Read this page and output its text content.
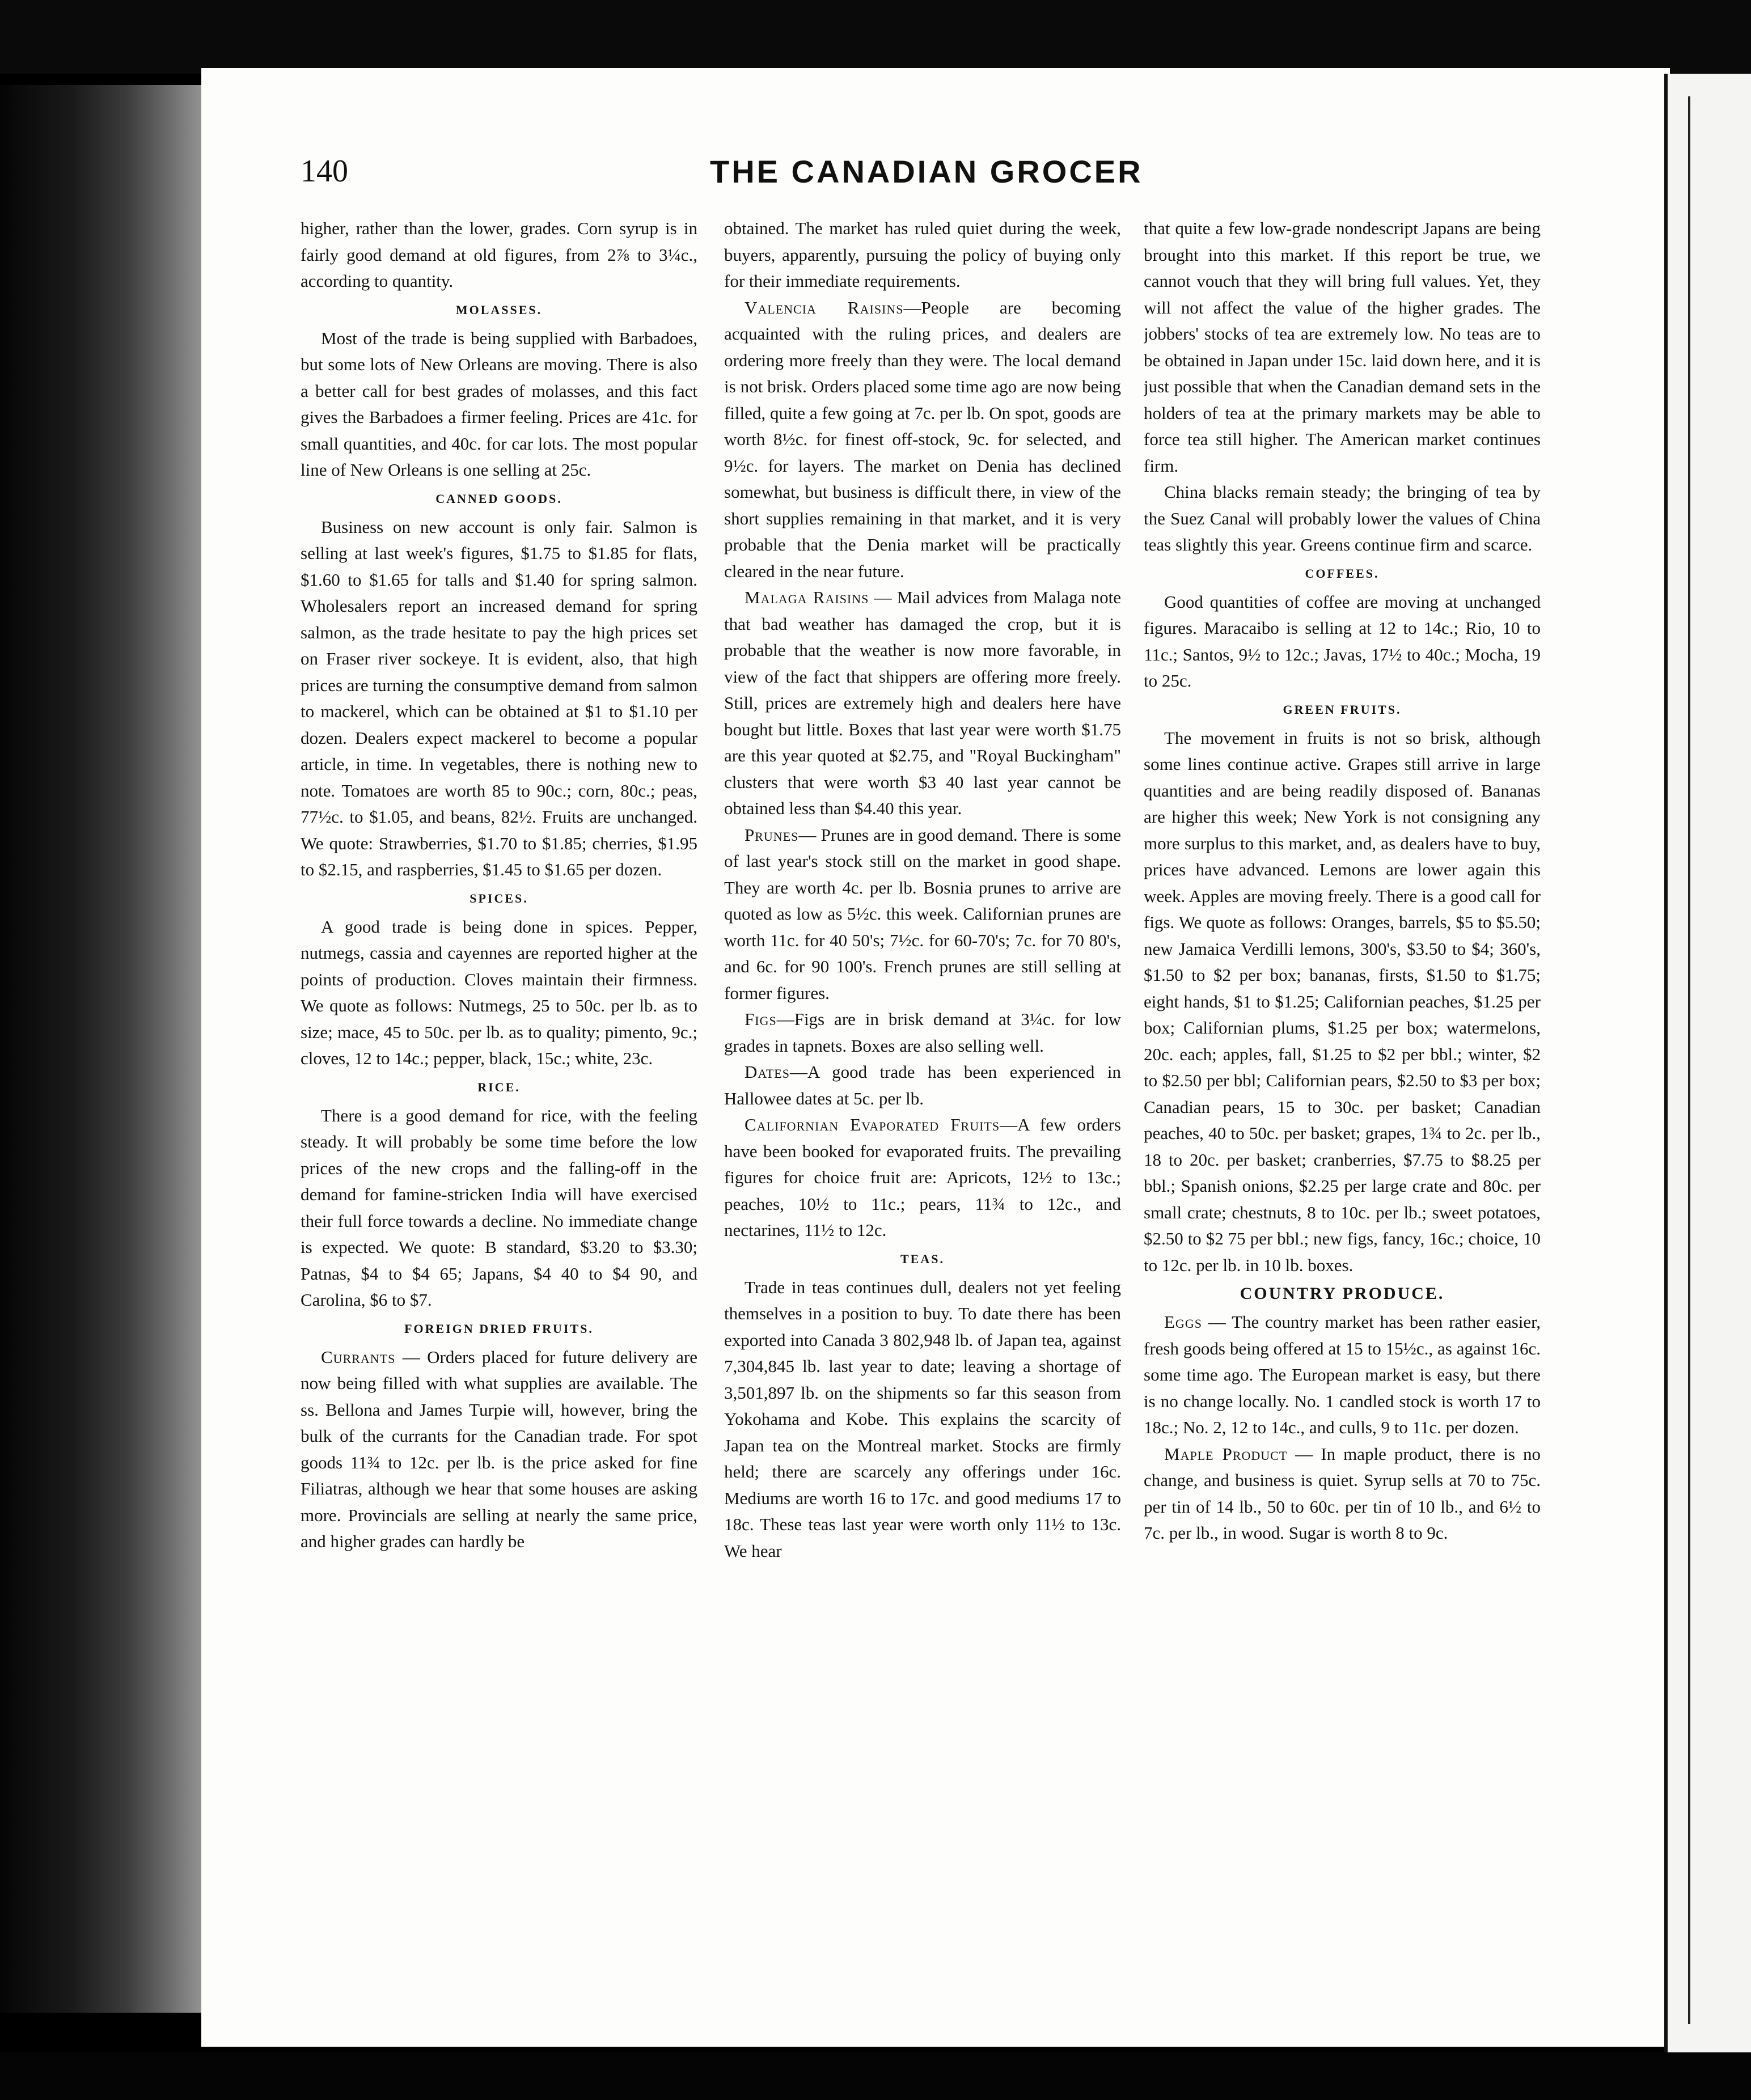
140	THE CANADIAN GROCER

higher, rather than the lower, grades. Corn syrup is in fairly good demand at old figures, from 2⅞ to 3¼c., according to quantity.

MOLASSES.

Most of the trade is being supplied with Barbadoes, but some lots of New Orleans are moving. There is also a better call for best grades of molasses, and this fact gives the Barbadoes a firmer feeling. Prices are 41c. for small quantities, and 40c. for car lots. The most popular line of New Orleans is one selling at 25c.

CANNED GOODS.

Business on new account is only fair. Salmon is selling at last week's figures, $1.75 to $1.85 for flats, $1.60 to $1.65 for talls and $1.40 for spring salmon. Wholesalers report an increased demand for spring salmon, as the trade hesitate to pay the high prices set on Fraser river sockeye. It is evident, also, that high prices are turning the consumptive demand from salmon to mackerel, which can be obtained at $1 to $1.10 per dozen. Dealers expect mackerel to become a popular article, in time. In vegetables, there is nothing new to note. Tomatoes are worth 85 to 90c.; corn, 80c.; peas, 77½c. to $1.05, and beans, 82½. Fruits are unchanged. We quote: Strawberries, $1.70 to $1.85; cherries, $1.95 to $2.15, and raspberries, $1.45 to $1.65 per dozen.

SPICES.

A good trade is being done in spices. Pepper, nutmegs, cassia and cayennes are reported higher at the points of production. Cloves maintain their firmness. We quote as follows: Nutmegs, 25 to 50c. per lb. as to size; mace, 45 to 50c. per lb. as to quality; pimento, 9c.; cloves, 12 to 14c.; pepper, black, 15c.; white, 23c.

RICE.

There is a good demand for rice, with the feeling steady. It will probably be some time before the low prices of the new crops and the falling-off in the demand for famine-stricken India will have exercised their full force towards a decline. No immediate change is expected. We quote: B standard, $3.20 to $3.30; Patnas, $4 to $4 65; Japans, $4 40 to $4 90, and Carolina, $6 to $7.

FOREIGN DRIED FRUITS.

Currants — Orders placed for future delivery are now being filled with what supplies are available. The ss. Bellona and James Turpie will, however, bring the bulk of the currants for the Canadian trade. For spot goods 11¾ to 12c. per lb. is the price asked for fine Filiatras, although we hear that some houses are asking more. Provincials are selling at nearly the same price, and higher grades can hardly be

obtained. The market has ruled quiet during the week, buyers, apparently, pursuing the policy of buying only for their immediate requirements.

Valencia Raisins—People are becoming acquainted with the ruling prices, and dealers are ordering more freely than they were. The local demand is not brisk. Orders placed some time ago are now being filled, quite a few going at 7c. per lb. On spot, goods are worth 8½c. for finest off-stock, 9c. for selected, and 9½c. for layers. The market on Denia has declined somewhat, but business is difficult there, in view of the short supplies remaining in that market, and it is very probable that the Denia market will be practically cleared in the near future.

Malaga Raisins — Mail advices from Malaga note that bad weather has damaged the crop, but it is probable that the weather is now more favorable, in view of the fact that shippers are offering more freely. Still, prices are extremely high and dealers here have bought but little. Boxes that last year were worth $1.75 are this year quoted at $2.75, and "Royal Buckingham" clusters that were worth $3 40 last year cannot be obtained less than $4.40 this year.

Prunes— Prunes are in good demand. There is some of last year's stock still on the market in good shape. They are worth 4c. per lb. Bosnia prunes to arrive are quoted as low as 5½c. this week. Californian prunes are worth 11c. for 40 50's; 7½c. for 60-70's; 7c. for 70 80's, and 6c. for 90 100's. French prunes are still selling at former figures.

Figs—Figs are in brisk demand at 3¼c. for low grades in tapnets. Boxes are also selling well.

Dates—A good trade has been experienced in Hallowee dates at 5c. per lb.

Californian Evaporated Fruits—A few orders have been booked for evaporated fruits. The prevailing figures for choice fruit are: Apricots, 12½ to 13c.; peaches, 10½ to 11c.; pears, 11¾ to 12c., and nectarines, 11½ to 12c.

TEAS.

Trade in teas continues dull, dealers not yet feeling themselves in a position to buy. To date there has been exported into Canada 3 802,948 lb. of Japan tea, against 7,304,845 lb. last year to date; leaving a shortage of 3,501,897 lb. on the shipments so far this season from Yokohama and Kobe. This explains the scarcity of Japan tea on the Montreal market. Stocks are firmly held; there are scarcely any offerings under 16c. Mediums are worth 16 to 17c. and good mediums 17 to 18c. These teas last year were worth only 11½ to 13c. We hear

that quite a few low-grade nondescript Japans are being brought into this market. If this report be true, we cannot vouch that they will bring full values. Yet, they will not affect the value of the higher grades. The jobbers' stocks of tea are extremely low. No teas are to be obtained in Japan under 15c. laid down here, and it is just possible that when the Canadian demand sets in the holders of tea at the primary markets may be able to force tea still higher. The American market continues firm.

China blacks remain steady; the bringing of tea by the Suez Canal will probably lower the values of China teas slightly this year. Greens continue firm and scarce.

COFFEES.

Good quantities of coffee are moving at unchanged figures. Maracaibo is selling at 12 to 14c.; Rio, 10 to 11c.; Santos, 9½ to 12c.; Javas, 17½ to 40c.; Mocha, 19 to 25c.

GREEN FRUITS.

The movement in fruits is not so brisk, although some lines continue active. Grapes still arrive in large quantities and are being readily disposed of. Bananas are higher this week; New York is not consigning any more surplus to this market, and, as dealers have to buy, prices have advanced. Lemons are lower again this week. Apples are moving freely. There is a good call for figs. We quote as follows: Oranges, barrels, $5 to $5.50; new Jamaica Verdilli lemons, 300's, $3.50 to $4; 360's, $1.50 to $2 per box; bananas, firsts, $1.50 to $1.75; eight hands, $1 to $1.25; Californian peaches, $1.25 per box; Californian plums, $1.25 per box; watermelons, 20c. each; apples, fall, $1.25 to $2 per bbl.; winter, $2 to $2.50 per bbl; Californian pears, $2.50 to $3 per box; Canadian pears, 15 to 30c. per basket; Canadian peaches, 40 to 50c. per basket; grapes, 1¾ to 2c. per lb., 18 to 20c. per basket; cranberries, $7.75 to $8.25 per bbl.; Spanish onions, $2.25 per large crate and 80c. per small crate; chestnuts, 8 to 10c. per lb.; sweet potatoes, $2.50 to $2 75 per bbl.; new figs, fancy, 16c.; choice, 10 to 12c. per lb. in 10 lb. boxes.

COUNTRY PRODUCE.

Eggs — The country market has been rather easier, fresh goods being offered at 15 to 15½c., as against 16c. some time ago. The European market is easy, but there is no change locally. No. 1 candled stock is worth 17 to 18c.; No. 2, 12 to 14c., and culls, 9 to 11c. per dozen.

Maple Product — In maple product, there is no change, and business is quiet. Syrup sells at 70 to 75c. per tin of 14 lb., 50 to 60c. per tin of 10 lb., and 6½ to 7c. per lb., in wood. Sugar is worth 8 to 9c.
